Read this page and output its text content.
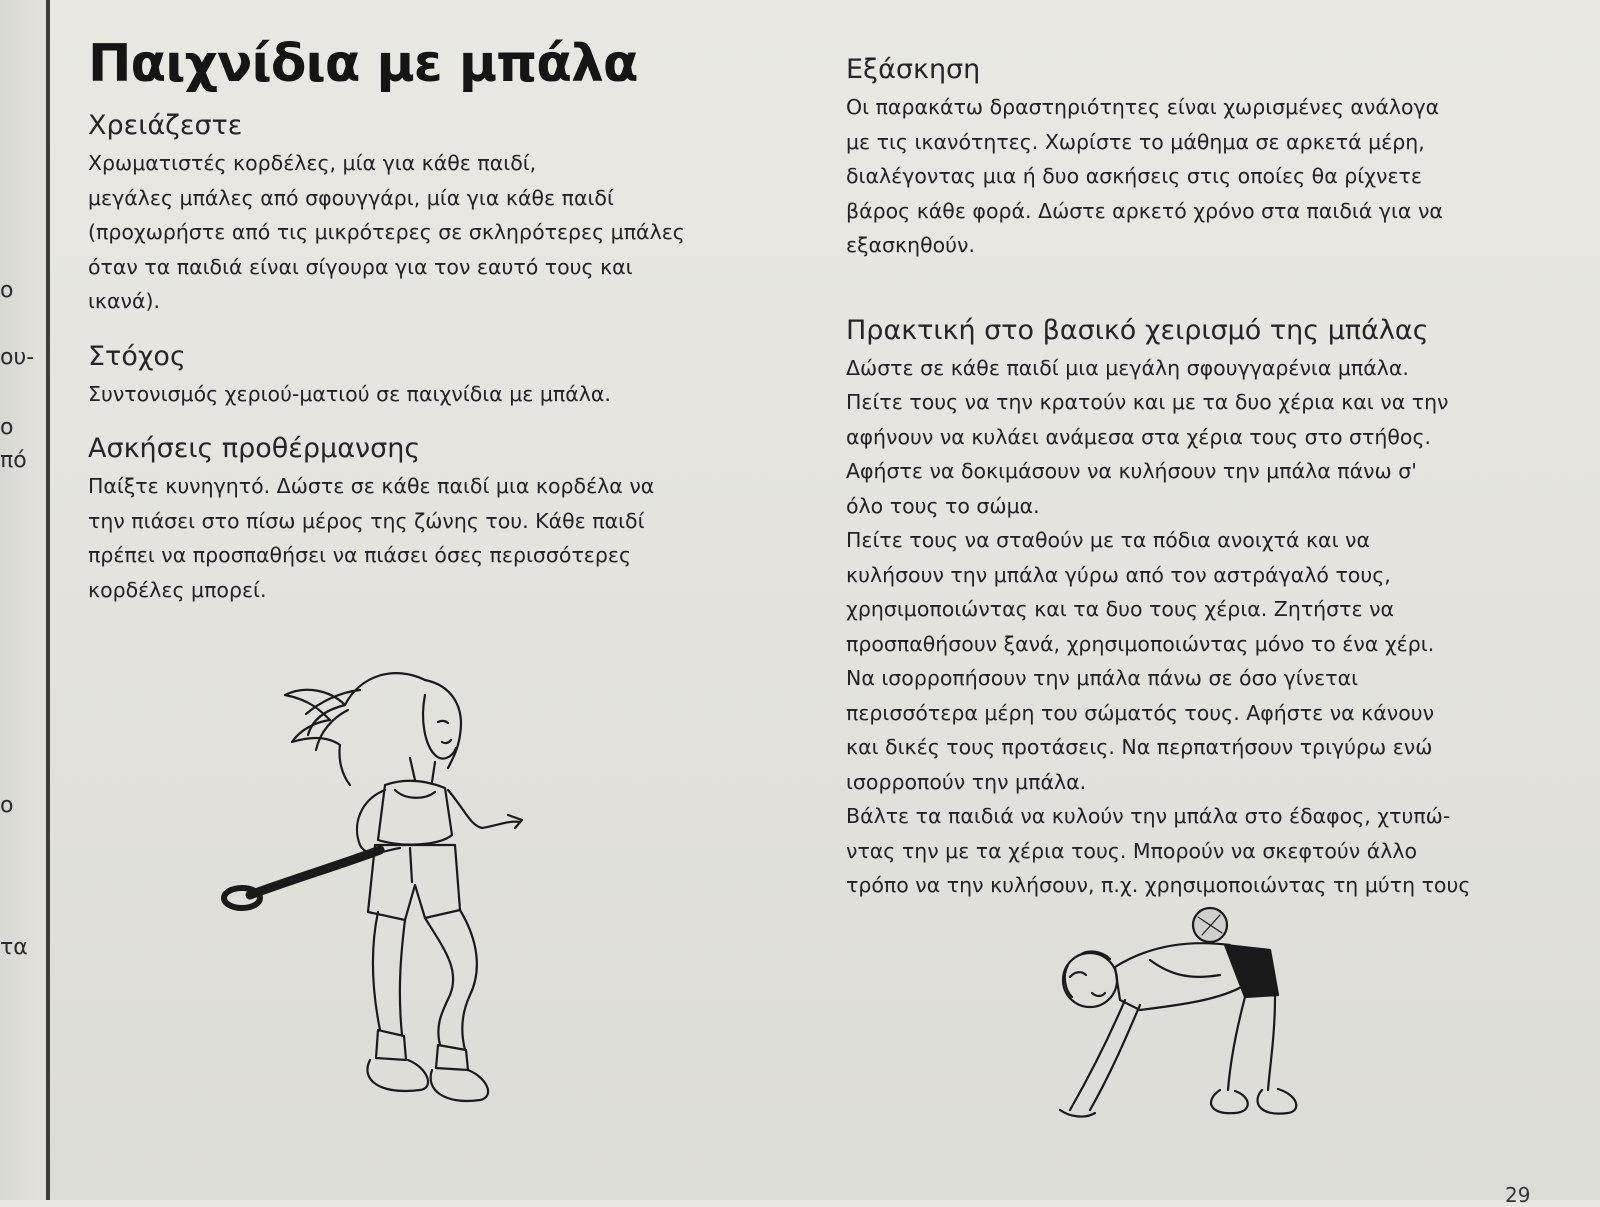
ο

ου-

ο

πό

ο

τα

Παιχνίδια με μπάλα
Χρειάζεστε

Χρωματιστές κορδέλες, μία για κάθε παιδί,

μεγάλες μπάλες από σφουγγάρι, μία για κάθε παιδί

(προχωρήστε από τις μικρότερες σε σκληρότερες μπάλες

όταν τα παιδιά είναι σίγουρα για τον εαυτό τους και

ικανά).

Στόχος

Συντονισμός χεριού-ματιού σε παιχνίδια με μπάλα.

Ασκήσεις προθέρμανσης

Παίξτε κυνηγητό. Δώστε σε κάθε παιδί μια κορδέλα να

την πιάσει στο πίσω μέρος της ζώνης του. Κάθε παιδί

πρέπει να προσπαθήσει να πιάσει όσες περισσότερες

κορδέλες μπορεί.

Εξάσκηση

Οι παρακάτω δραστηριότητες είναι χωρισμένες ανάλογα

με τις ικανότητες. Χωρίστε το μάθημα σε αρκετά μέρη,

διαλέγοντας μια ή δυο ασκήσεις στις οποίες θα ρίχνετε

βάρος κάθε φορά. Δώστε αρκετό χρόνο στα παιδιά για να

εξασκηθούν.

Πρακτική στο βασικό χειρισμό της μπάλας

Δώστε σε κάθε παιδί μια μεγάλη σφουγγαρένια μπάλα.

Πείτε τους να την κρατούν και με τα δυο χέρια και να την

αφήνουν να κυλάει ανάμεσα στα χέρια τους στο στήθος.

Αφήστε να δοκιμάσουν να κυλήσουν την μπάλα πάνω σ'

όλο τους το σώμα.

Πείτε τους να σταθούν με τα πόδια ανοιχτά και να

κυλήσουν την μπάλα γύρω από τον αστράγαλό τους,

χρησιμοποιώντας και τα δυο τους χέρια. Ζητήστε να

προσπαθήσουν ξανά, χρησιμοποιώντας μόνο το ένα χέρι.

Να ισορροπήσουν την μπάλα πάνω σε όσο γίνεται

περισσότερα μέρη του σώματός τους. Αφήστε να κάνουν

και δικές τους προτάσεις. Να περπατήσουν τριγύρω ενώ

ισορροπούν την μπάλα.

Βάλτε τα παιδιά να κυλούν την μπάλα στο έδαφος, χτυπώ-

ντας την με τα χέρια τους. Μπορούν να σκεφτούν άλλο

τρόπο να την κυλήσουν, π.χ. χρησιμοποιώντας τη μύτη τους

29
